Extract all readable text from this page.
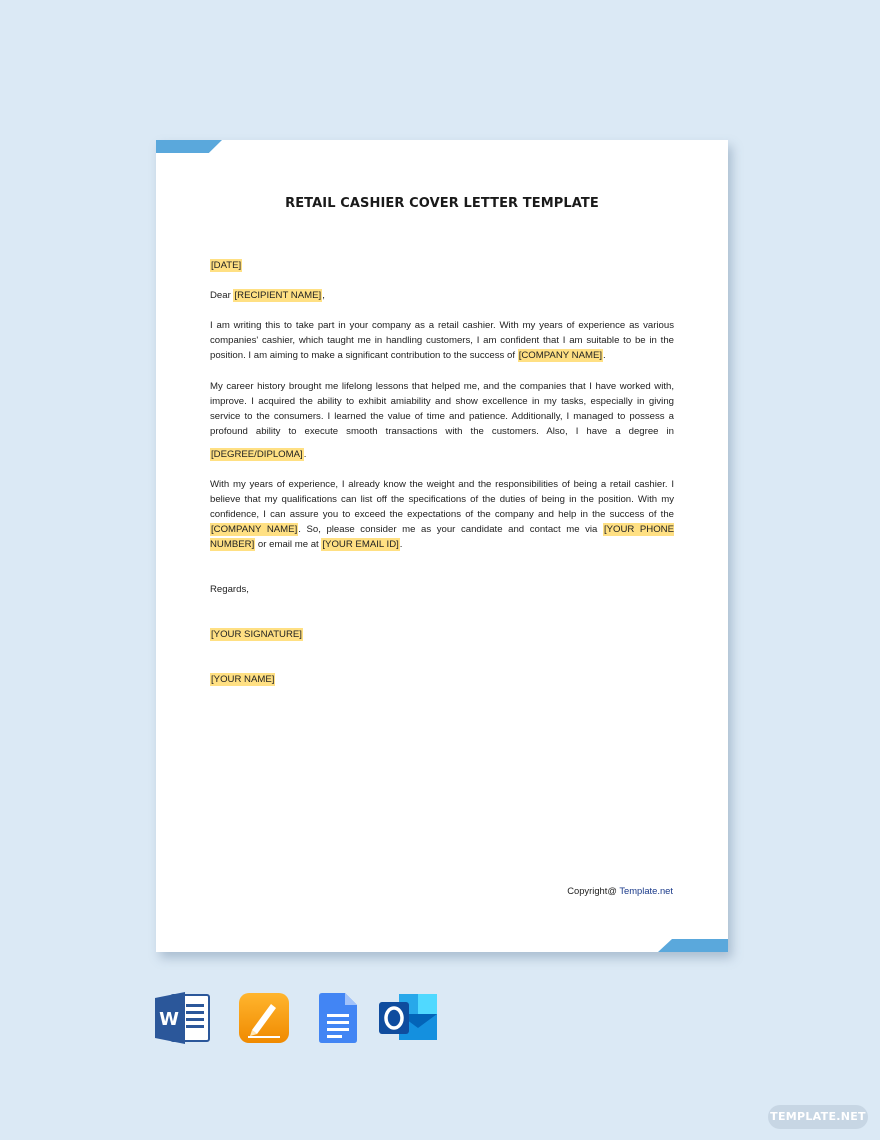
RETAIL CASHIER COVER LETTER TEMPLATE

[DATE]

Dear [RECIPIENT NAME],

I am writing this to take part in your company as a retail cashier. With my years of experience as various companies' cashier, which taught me in handling customers, I am confident that I am suitable to be in the position. I am aiming to make a significant contribution to the success of [COMPANY NAME].

My career history brought me lifelong lessons that helped me, and the companies that I have worked with, improve. I acquired the ability to exhibit amiability and show excellence in my tasks, especially in giving service to the consumers. I learned the value of time and patience. Additionally, I managed to possess a profound ability to execute smooth transactions with the customers. Also, I have a degree in [DEGREE/DIPLOMA].

With my years of experience, I already know the weight and the responsibilities of being a retail cashier. I believe that my qualifications can list off the specifications of the duties of being in the position. With my confidence, I can assure you to exceed the expectations of the company and help in the success of the [COMPANY NAME]. So, please consider me as your candidate and contact me via [YOUR PHONE NUMBER] or email me at [YOUR EMAIL ID].

Regards,

[YOUR SIGNATURE]

[YOUR NAME]

Copyright@ Template.net
W
TEMPLATE.NET
